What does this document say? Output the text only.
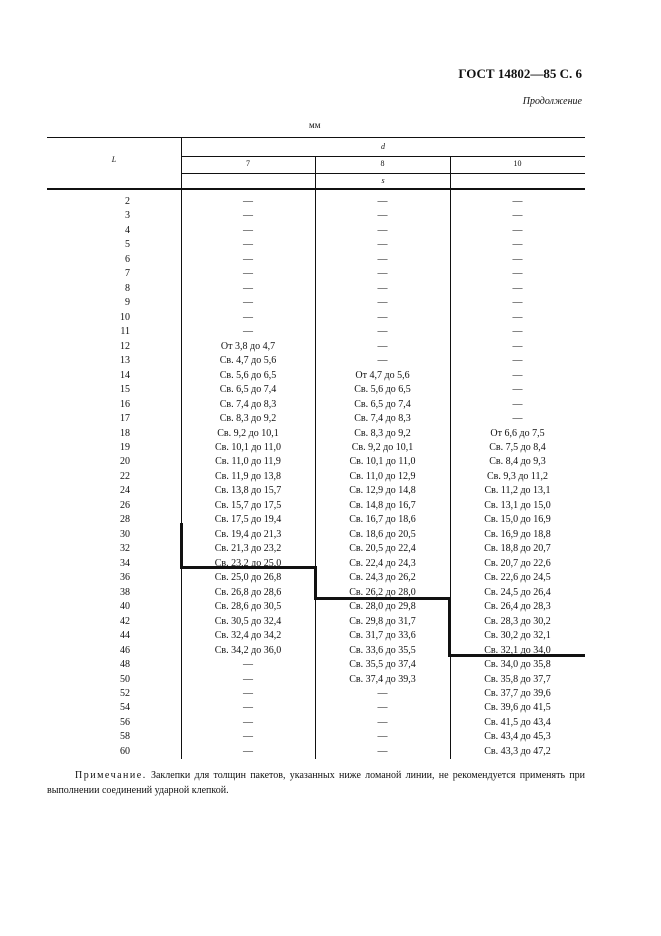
ГОСТ 14802—85 С. 6
Продолжение
мм
L
d
7	8	10
s
2	—	—	—
3	—	—	—
4	—	—	—
5	—	—	—
6	—	—	—
7	—	—	—
8	—	—	—
9	—	—	—
10	—	—	—
11	—	—	—
12	От 3,8 до 4,7	—	—
13	Св. 4,7 до 5,6	—	—
14	Св. 5,6 до 6,5	От 4,7 до 5,6	—
15	Св. 6,5 до 7,4	Св. 5,6 до 6,5	—
16	Св. 7,4 до 8,3	Св. 6,5 до 7,4	—
17	Св. 8,3 до 9,2	Св. 7,4 до 8,3	—
18	Св. 9,2 до 10,1	Св. 8,3 до 9,2	От 6,6 до 7,5
19	Св. 10,1 до 11,0	Св. 9,2 до 10,1	Св. 7,5 до 8,4
20	Св. 11,0 до 11,9	Св. 10,1 до 11,0	Св. 8,4 до 9,3
22	Св. 11,9 до 13,8	Св. 11,0 до 12,9	Св. 9,3 до 11,2
24	Св. 13,8 до 15,7	Св. 12,9 до 14,8	Св. 11,2 до 13,1
26	Св. 15,7 до 17,5	Св. 14,8 до 16,7	Св. 13,1 до 15,0
28	Св. 17,5 до 19,4	Св. 16,7 до 18,6	Св. 15,0 до 16,9
30	Св. 19,4 до 21,3	Св. 18,6 до 20,5	Св. 16,9 до 18,8
32	Св. 21,3 до 23,2	Св. 20,5 до 22,4	Св. 18,8 до 20,7
34	Св. 23,2 до 25,0	Св. 22,4 до 24,3	Св. 20,7 до 22,6
36	Св. 25,0 до 26,8	Св. 24,3 до 26,2	Св. 22,6 до 24,5
38	Св. 26,8 до 28,6	Св. 26,2 до 28,0	Св. 24,5 до 26,4
40	Св. 28,6 до 30,5	Св. 28,0 до 29,8	Св. 26,4 до 28,3
42	Св. 30,5 до 32,4	Св. 29,8 до 31,7	Св. 28,3 до 30,2
44	Св. 32,4 до 34,2	Св. 31,7 до 33,6	Св. 30,2 до 32,1
46	Св. 34,2 до 36,0	Св. 33,6 до 35,5	Св. 32,1 до 34,0
48	—	Св. 35,5 до 37,4	Св. 34,0 до 35,8
50	—	Св. 37,4 до 39,3	Св. 35,8 до 37,7
52	—	—	Св. 37,7 до 39,6
54	—	—	Св. 39,6 до 41,5
56	—	—	Св. 41,5 до 43,4
58	—	—	Св. 43,4 до 45,3
60	—	—	Св. 43,3 до 47,2
Примечание. Заклепки для толщин пакетов, указанных ниже ломаной линии, не рекомендуется применять при выполнении соединений ударной клепкой.
